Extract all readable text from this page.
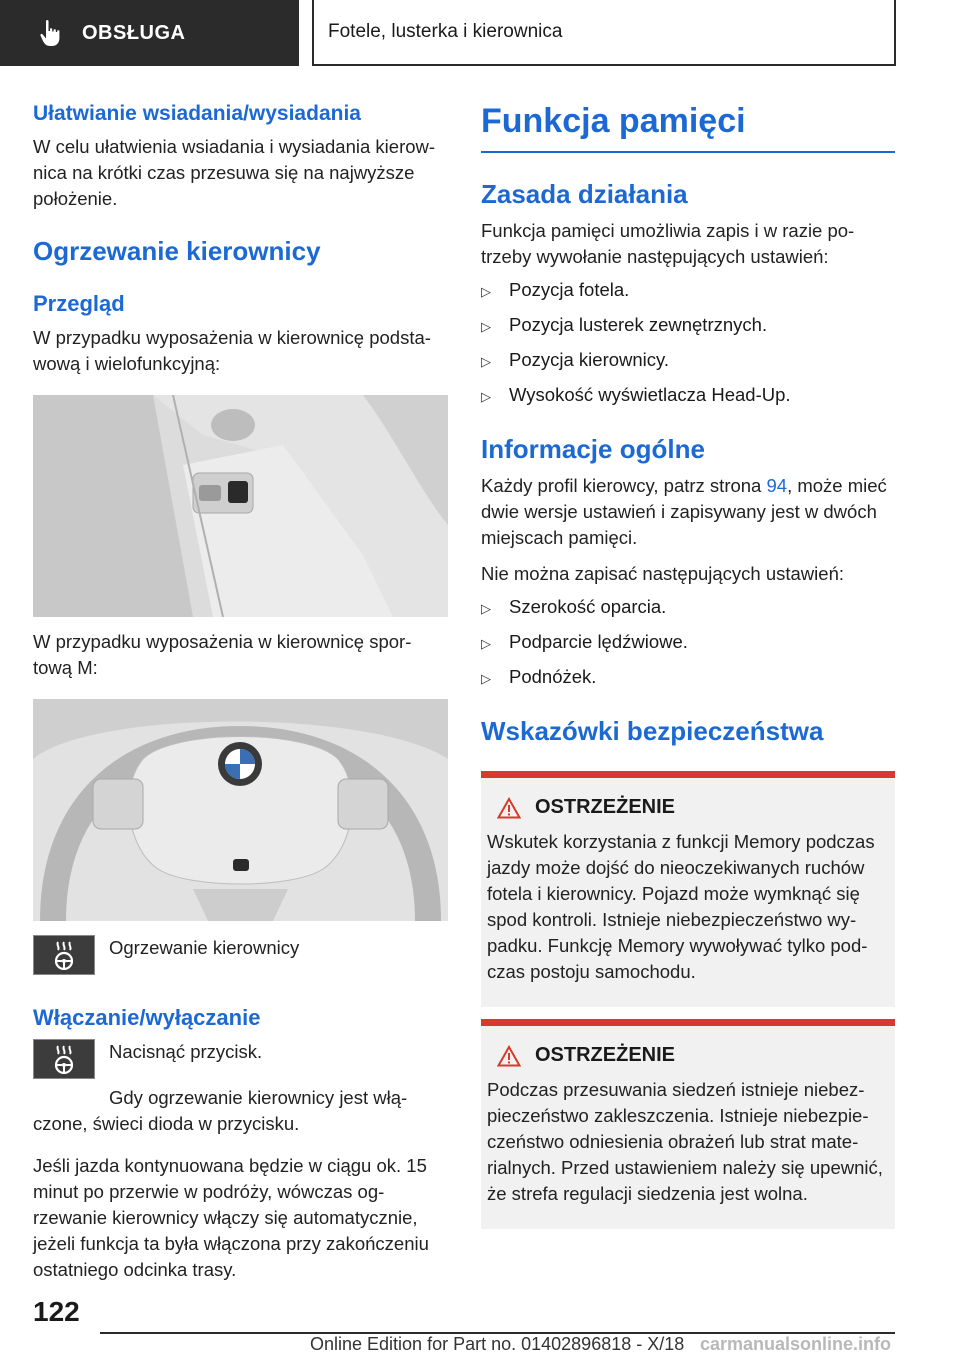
OBSŁUGA	Fotele, lusterka i kierownica
Ułatwianie wsiadania/wysiadania

W celu ułatwienia wsiadania i wysiadania kierow-nica na krótki czas przesuwa się na najwyższe położenie.

Ogrzewanie kierownicy
Przegląd

W przypadku wyposażenia w kierownicę podsta-wową i wielofunkcyjną:

W przypadku wyposażenia w kierownicę spor-tową M:

Ogrzewanie kierownicy

Włączanie/wyłączanie

Nacisnąć przycisk.

Gdy ogrzewanie kierownicy jest włą-czone, świeci dioda w przycisku.

Jeśli jazda kontynuowana będzie w ciągu ok. 15 minut po przerwie w podróży, wówczas og-rzewanie kierownicy włączy się automatycznie, jeżeli funkcja ta była włączona przy zakończeniu ostatniego odcinka trasy.

Funkcja pamięci
Zasada działania

Funkcja pamięci umożliwia zapis i w razie po-trzeby wywołanie następujących ustawień:

▷ Pozycja fotela.
▷ Pozycja lusterek zewnętrznych.
▷ Pozycja kierownicy.
▷ Wysokość wyświetlacza Head-Up.
Informacje ogólne

Każdy profil kierowcy, patrz strona 94, może mieć dwie wersje ustawień i zapisywany jest w dwóch miejscach pamięci.

Nie można zapisać następujących ustawień:

▷ Szerokość oparcia.
▷ Podparcie lędźwiowe.
▷ Podnóżek.
Wskazówki bezpieczeństwa
OSTRZEŻENIE

Wskutek korzystania z funkcji Memory podczas jazdy może dojść do nieoczekiwanych ruchów fotela i kierownicy. Pojazd może wymknąć się spod kontroli. Istnieje niebezpieczeństwo wy-padku. Funkcję Memory wywoływać tylko pod-czas postoju samochodu.

OSTRZEŻENIE

Podczas przesuwania siedzeń istnieje niebez-pieczeństwo zakleszczenia. Istnieje niebezpie-czeństwo odniesienia obrażeń lub strat mate-rialnych. Przed ustawieniem należy się upewnić, że strefa regulacji siedzenia jest wolna.

122
Online Edition for Part no. 01402896818 - X/18 carmanualsonline.info
